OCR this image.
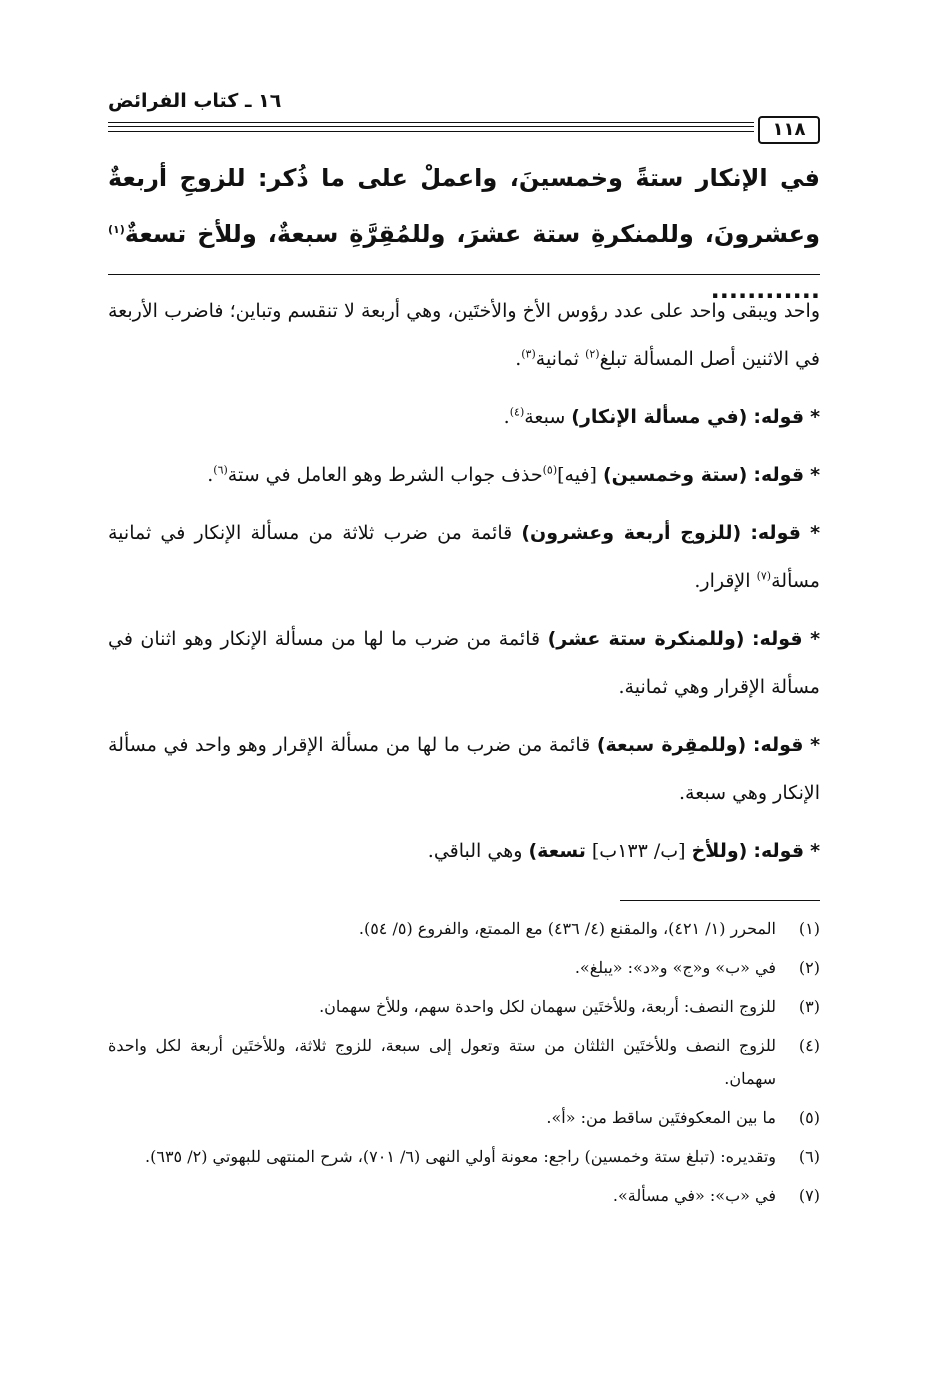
١١٨
١٦ ـ كتاب الفرائض
في الإنكار ستةً وخمسينَ، واعملْ على ما ذُكر: للزوجِ أربعةٌ وعشرونَ، وللمنكرةِ ستة عشرَ، وللمُقِرَّةِ سبعةٌ، وللأخ تسعةٌ$^{(١)}$ ............

واحد ويبقى واحد على عدد رؤوس الأخ والأختَين، وهي أربعة لا تنقسم وتباين؛ فاضرب الأربعة في الاثنين أصل المسألة تبلغ$^{(٢)}$ ثمانية$^{(٣)}$.

* قوله: (في مسألة الإنكار) سبعة$^{(٤)}$.

* قوله: (ستة وخمسين) [فيه]$^{(٥)}$حذف جواب الشرط وهو العامل في ستة$^{(٦)}$.

* قوله: (للزوج أربعة وعشرون) قائمة من ضرب ثلاثة من مسألة الإنكار في ثمانية مسألة$^{(٧)}$ الإقرار.

* قوله: (وللمنكرة ستة عشر) قائمة من ضرب ما لها من مسألة الإنكار وهو اثنان في مسألة الإقرار وهي ثمانية.

* قوله: (وللمقِرة سبعة) قائمة من ضرب ما لها من مسألة الإقرار وهو واحد في مسألة الإنكار وهي سبعة.

* قوله: (وللأخ [ب/ ١٣٣ب] تسعة) وهي الباقي.

(١)
المحرر (١/ ٤٢١)، والمقنع (٤/ ٤٣٦) مع الممتع، والفروع (٥/ ٥٤).
(٢)
في «ب» و«ج» و«د»: «يبلغ».
(٣)
للزوج النصف: أربعة، وللأختَين سهمان لكل واحدة سهم، وللأخ سهمان.
(٤)
للزوج النصف وللأختَين الثلثان من ستة وتعول إلى سبعة، للزوج ثلاثة، وللأختَين أربعة لكل واحدة سهمان.
(٥)
ما بين المعكوفتَين ساقط من: «أ».
(٦)
وتقديره: (تبلغ ستة وخمسين) راجع: معونة أولي النهى (٦/ ٧٠١)، شرح المنتهى للبهوتي (٢/ ٦٣٥).
(٧)
في «ب»: «في مسألة».
